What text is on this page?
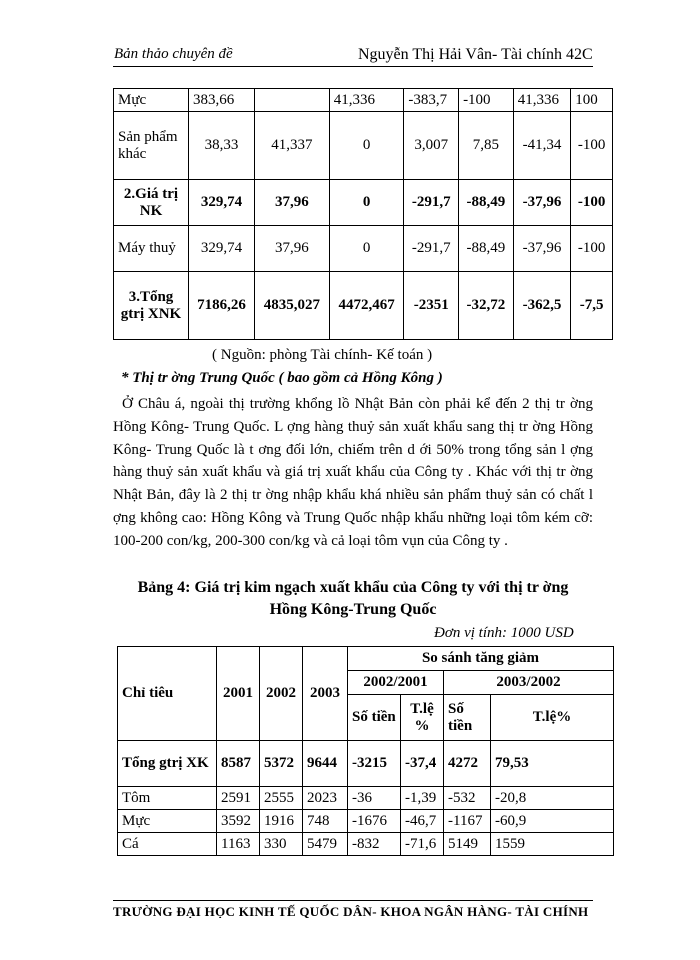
Bản thảo chuyên đề	Nguyễn Thị Hải Vân- Tài chính 42C
Mực	383,66		41,336	-383,7	-100	41,336	100
Sản phẩm khác	38,33	41,337	0	3,007	7,85	-41,34	-100
2.Giá trị NK	329,74	37,96	0	-291,7	-88,49	-37,96	-100
Máy thuỷ	329,74	37,96	0	-291,7	-88,49	-37,96	-100
3.Tổng gtrị XNK	7186,26	4835,027	4472,467	-2351	-32,72	-362,5	-7,5
( Nguồn: phòng Tài chính- Kế toán )
* Thị tr ờng Trung Quốc ( bao gồm cả Hồng Kông )

Ở Châu á, ngoài thị trường khổng lồ Nhật Bản còn phải kể đến 2 thị tr ờng Hồng Kông- Trung Quốc. L ợng hàng thuỷ sản xuất khẩu sang thị tr ờng Hồng Kông- Trung Quốc là t ơng đối lớn, chiếm trên d ới 50% trong tổng sản l ợng hàng thuỷ sản xuất khẩu và giá trị xuất khẩu của Công ty . Khác với thị tr ờng Nhật Bản, đây là 2 thị tr ờng nhập khẩu khá nhiều sản phẩm thuỷ sản có chất l ợng không cao: Hồng Kông và Trung Quốc nhập khẩu những loại tôm kém cỡ: 100-200 con/kg, 200-300 con/kg và cả loại tôm vụn của Công ty .

Bảng 4: Giá trị kim ngạch xuất khẩu của Công ty với thị tr ờng
Hồng Kông-Trung Quốc
Đơn vị tính: 1000 USD
Chỉ tiêu	2001	2002	2003	So sánh tăng giảm			
				2002/2001		2003/2002	
				Số tiền	T.lệ %	Số tiền	T.lệ%
Tổng gtrị XK	8587	5372	9644	-3215	-37,4	4272	79,53
Tôm	2591	2555	2023	-36	-1,39	-532	-20,8
Mực	3592	1916	748	-1676	-46,7	-1167	-60,9
Cá	1163	330	5479	-832	-71,6	5149	1559
TRƯỜNG ĐẠI HỌC KINH TẾ QUỐC DÂN- KHOA NGÂN HÀNG- TÀI CHÍNH
